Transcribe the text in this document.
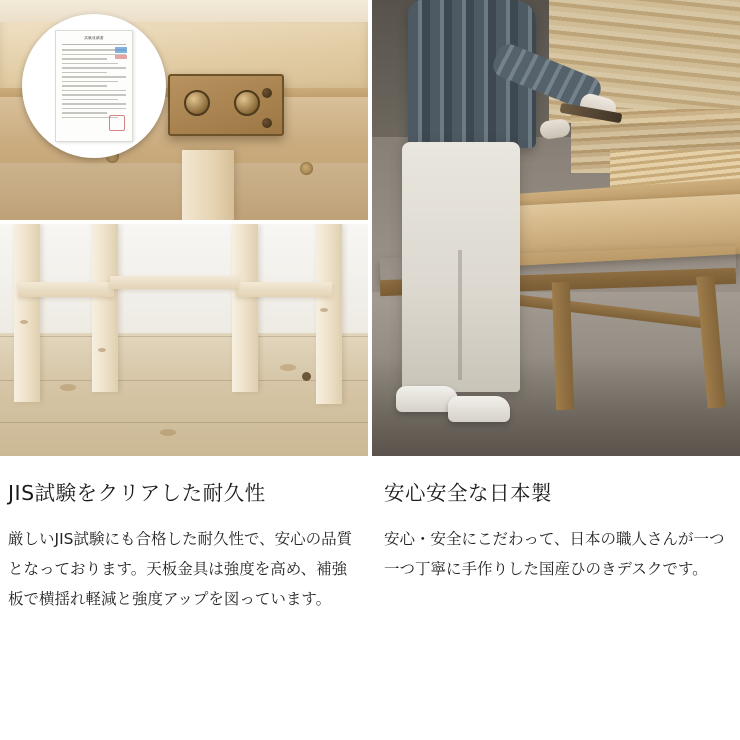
試験成績書
JIS試験をクリアした耐久性

厳しいJIS試験にも合格した耐久性で、安心の品質となっております。天板金具は強度を高め、補強板で横揺れ軽減と強度アップを図っています。

安心安全な日本製

安心・安全にこだわって、日本の職人さんが一つ一つ丁寧に手作りした国産ひのきデスクです。
